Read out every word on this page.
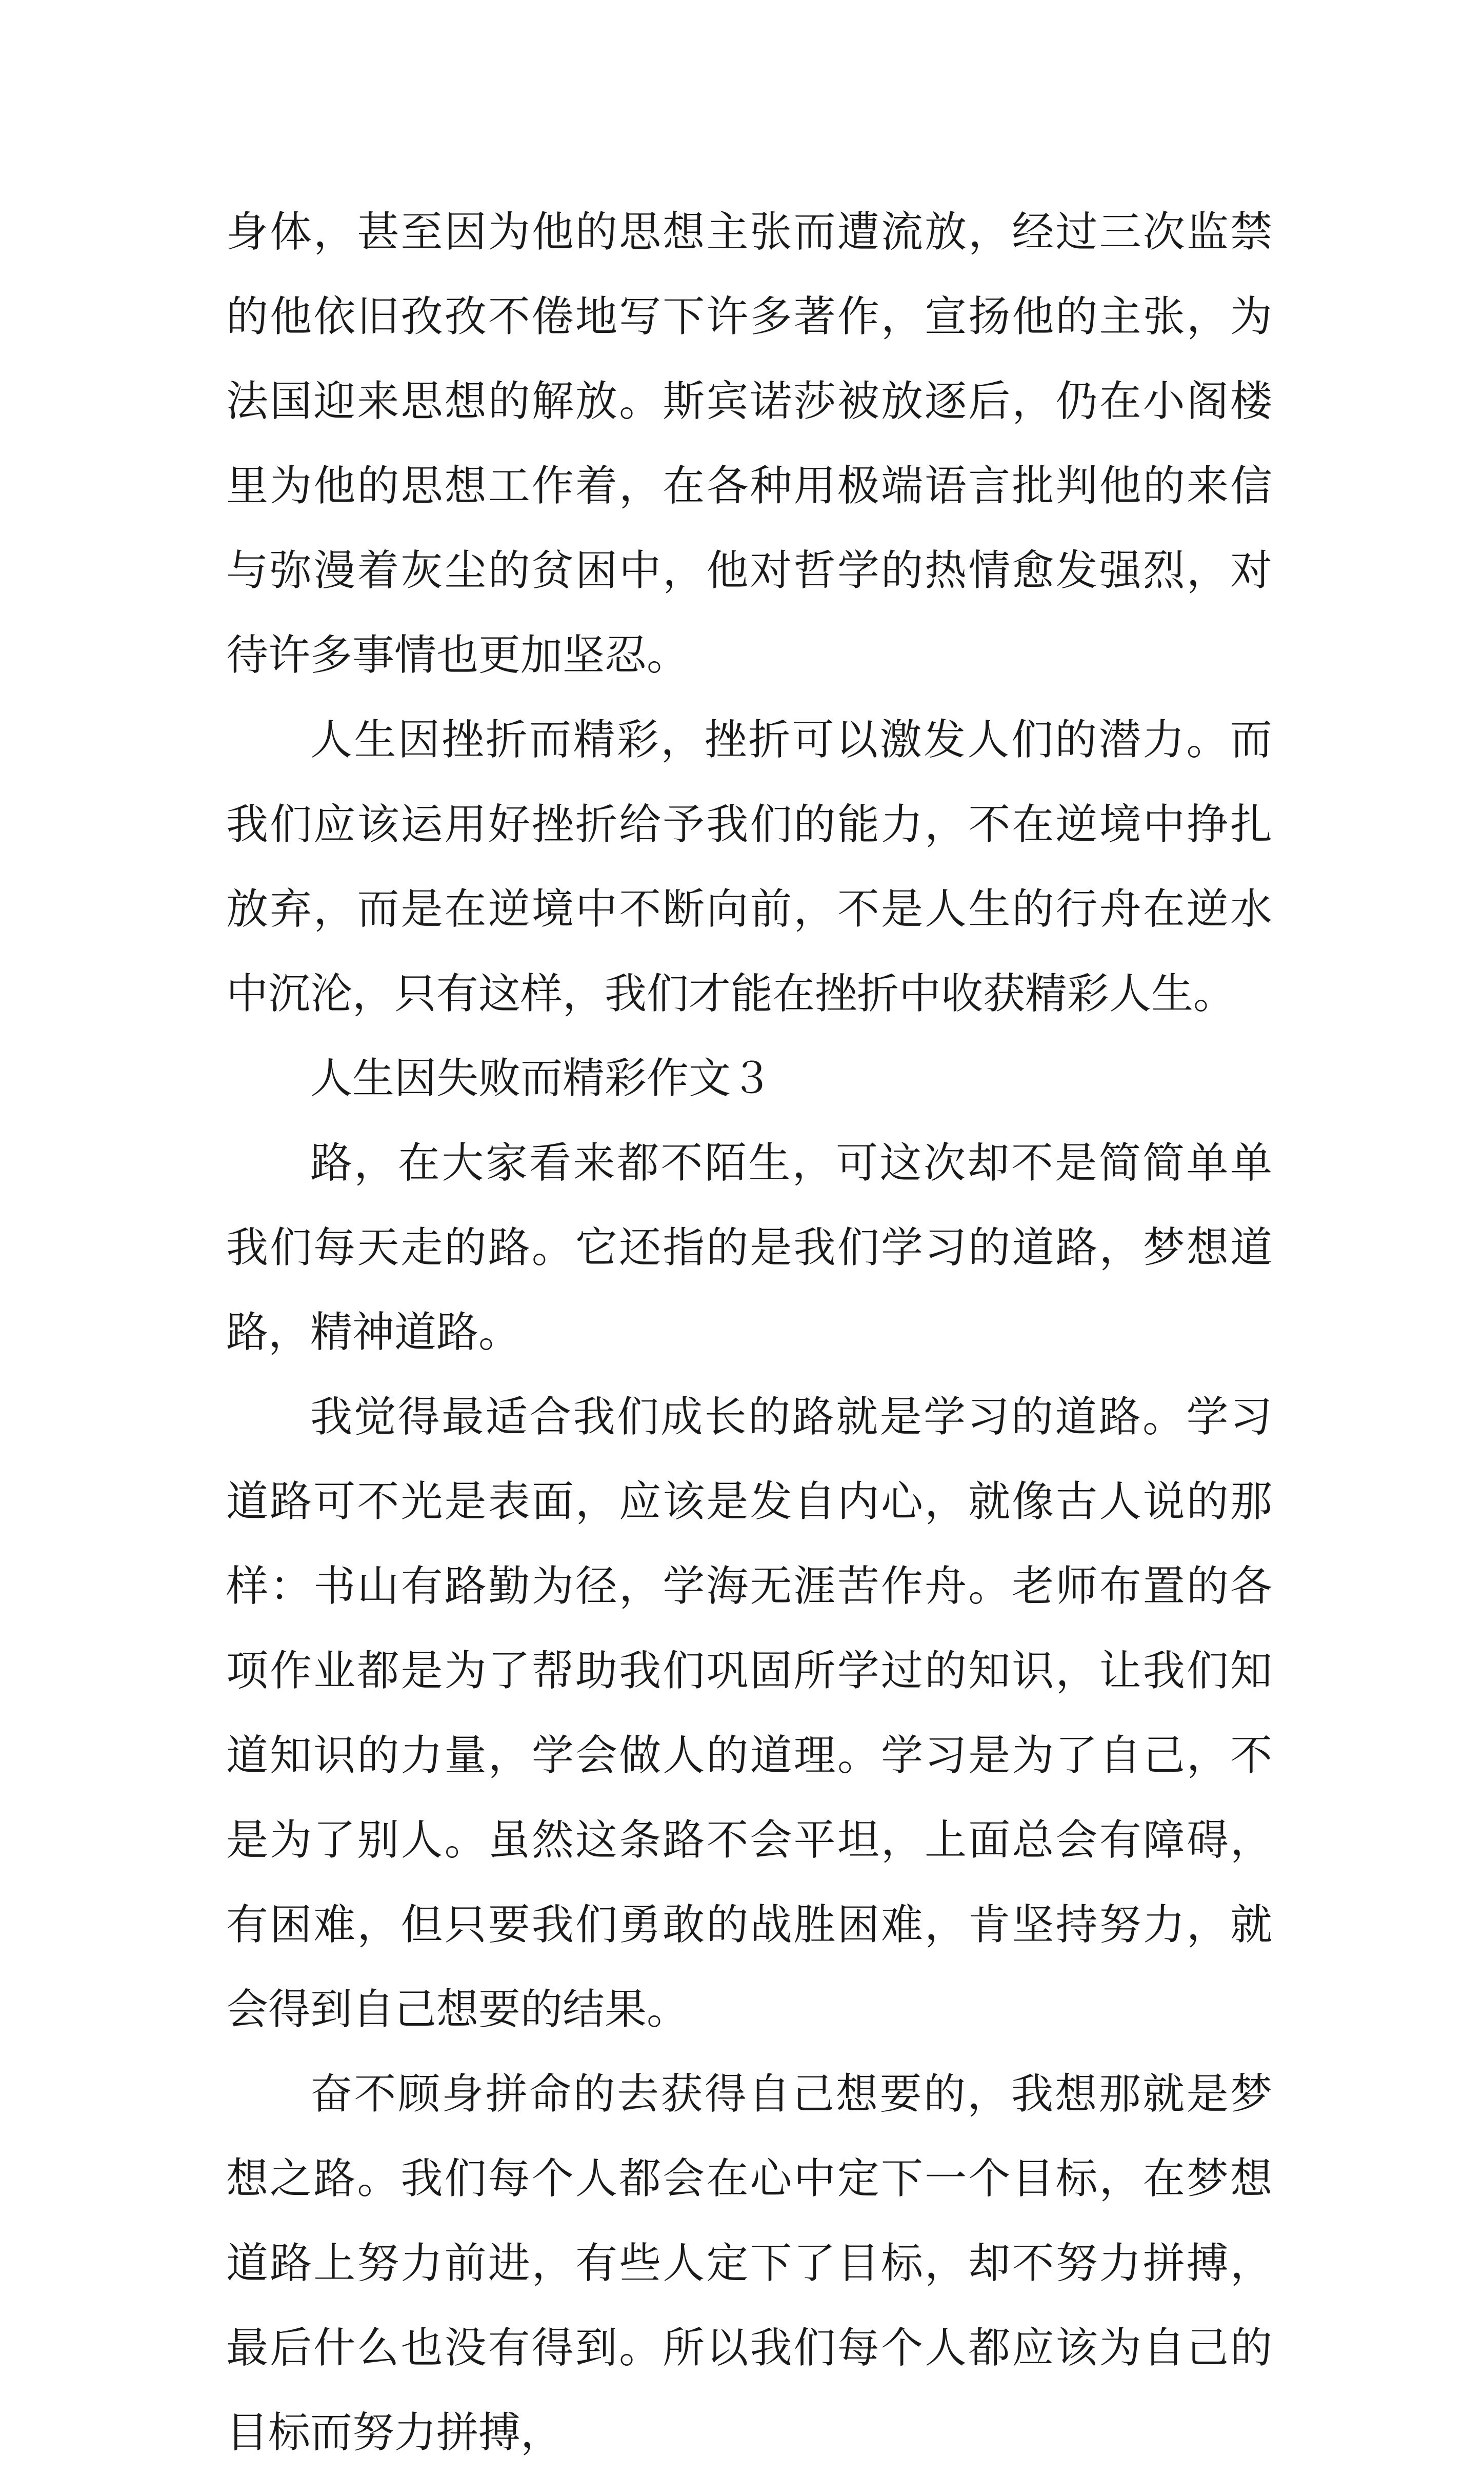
身体，甚至因为他的思想主张而遭流放，经过三次监禁的他依旧孜孜不倦地写下许多著作，宣扬他的主张，为法国迎来思想的解放。斯宾诺莎被放逐后，仍在小阁楼里为他的思想工作着，在各种用极端语言批判他的来信与弥漫着灰尘的贫困中，他对哲学的热情愈发强烈，对待许多事情也更加坚忍。

人生因挫折而精彩，挫折可以激发人们的潜力。而我们应该运用好挫折给予我们的能力，不在逆境中挣扎放弃，而是在逆境中不断向前，不是人生的行舟在逆水中沉沦，只有这样，我们才能在挫折中收获精彩人生。

人生因失败而精彩作文３

路，在大家看来都不陌生，可这次却不是简简单单我们每天走的路。它还指的是我们学习的道路，梦想道路，精神道路。

我觉得最适合我们成长的路就是学习的道路。学习道路可不光是表面，应该是发自内心，就像古人说的那样：书山有路勤为径，学海无涯苦作舟。老师布置的各项作业都是为了帮助我们巩固所学过的知识，让我们知道知识的力量，学会做人的道理。学习是为了自己，不是为了别人。虽然这条路不会平坦，上面总会有障碍，有困难，但只要我们勇敢的战胜困难，肯坚持努力，就会得到自己想要的结果。

奋不顾身拼命的去获得自己想要的，我想那就是梦想之路。我们每个人都会在心中定下一个目标，在梦想道路上努力前进，有些人定下了目标，却不努力拼搏，最后什么也没有得到。所以我们每个人都应该为自己的目标而努力拼搏，
